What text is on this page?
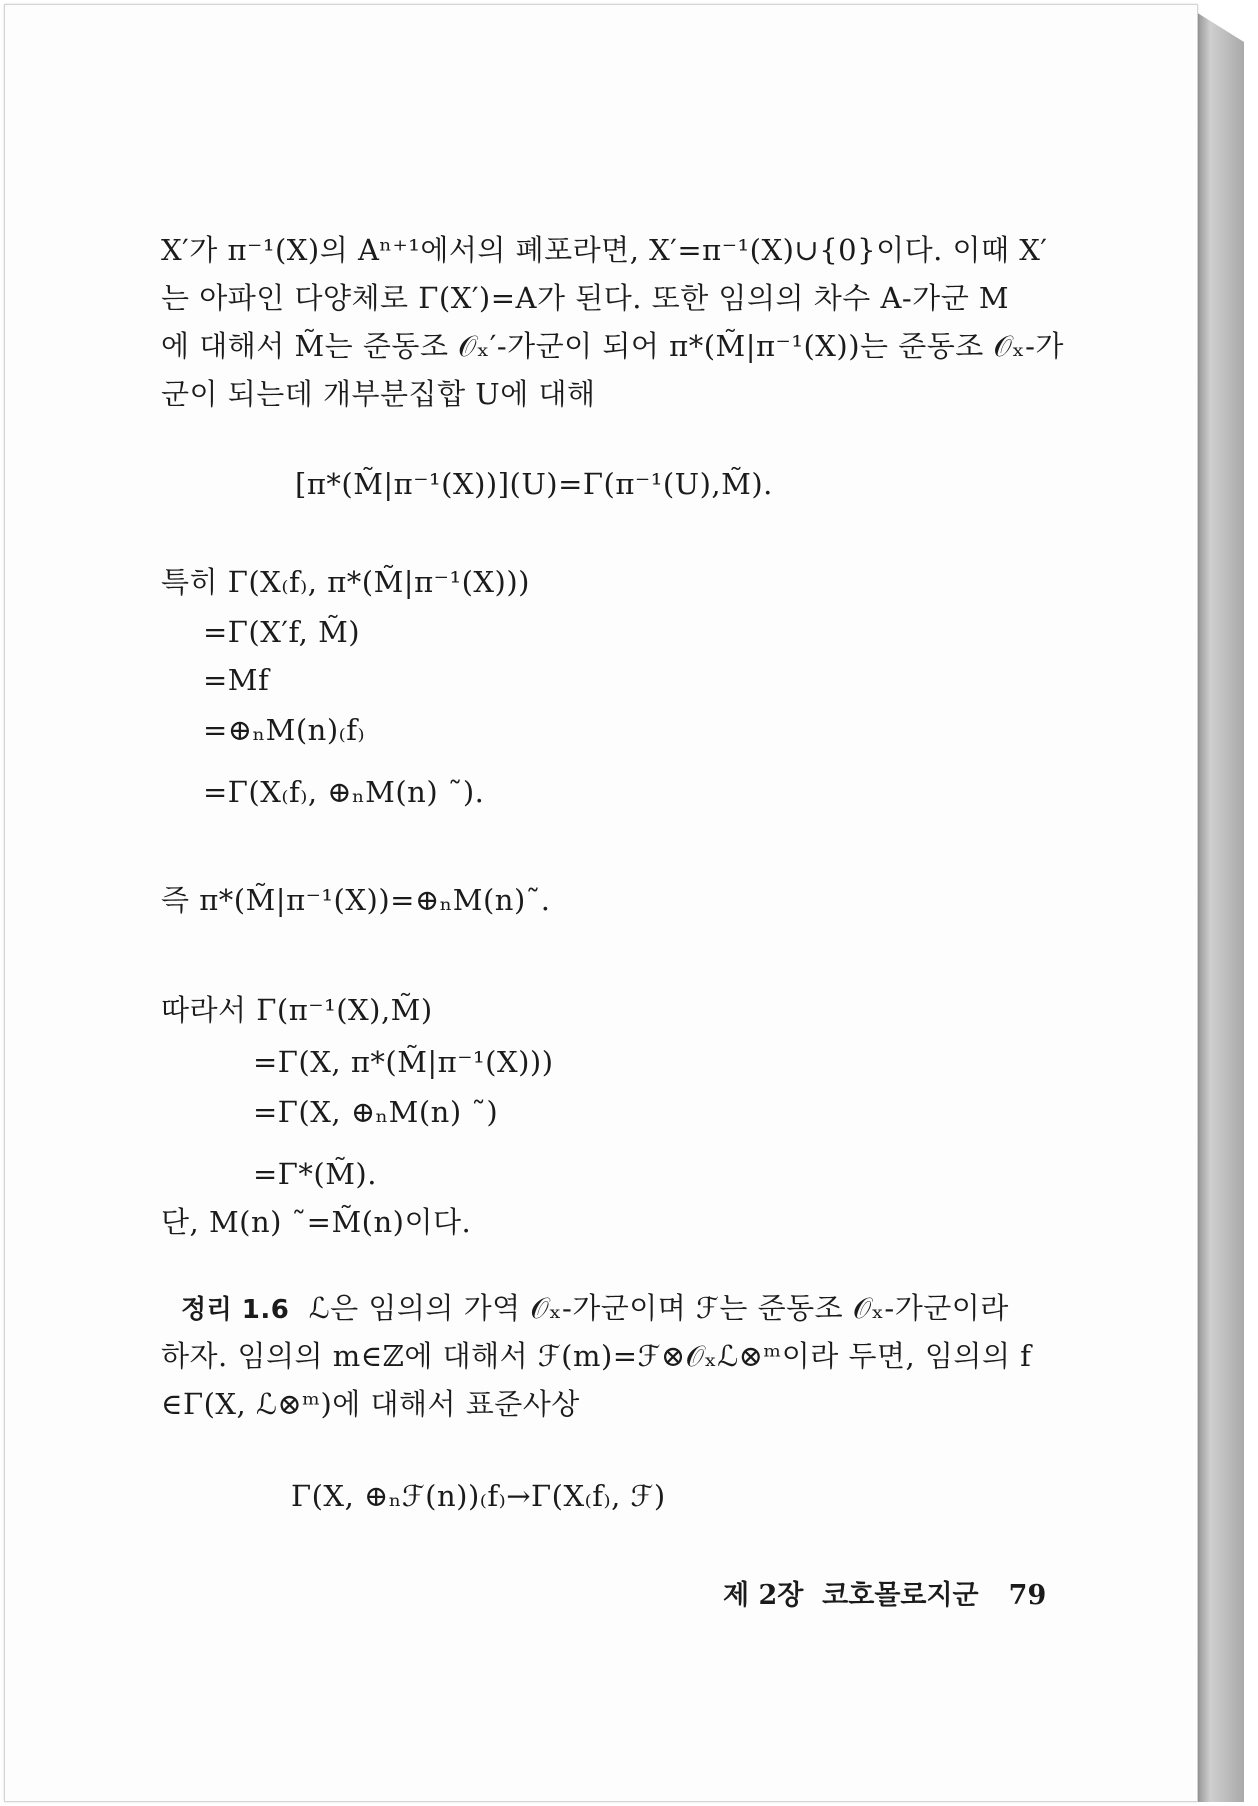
X′가 π⁻¹(X)의 Aⁿ⁺¹에서의 폐포라면, X′=π⁻¹(X)∪{0}이다. 이때 X′
는 아파인 다양체로 Γ(X′)=A가 된다. 또한 임의의 차수 A-가군 M
에 대해서 M̃는 준동조 𝒪ₓ′-가군이 되어 π*(M̃|π⁻¹(X))는 준동조 𝒪ₓ-가
군이 되는데 개부분집합 U에 대해
[π*(M̃|π⁻¹(X))](U)=Γ(π⁻¹(U),M̃).
특히 Γ(X₍f₎, π*(M̃|π⁻¹(X)))
=Γ(X′f, M̃)
=Mf
=⊕ₙM(n)₍f₎
=Γ(X₍f₎, ⊕ₙM(n) ˜).
즉 π*(M̃|π⁻¹(X))=⊕ₙM(n)˜.
따라서 Γ(π⁻¹(X),M̃)
=Γ(X, π*(M̃|π⁻¹(X)))
=Γ(X, ⊕ₙM(n) ˜)
=Γ*(M̃).
단, M(n) ˜=M̃(n)이다.
정리 1.6 ℒ은 임의의 가역 𝒪ₓ-가군이며 ℱ는 준동조 𝒪ₓ-가군이라
하자. 임의의 m∈ℤ에 대해서 ℱ(m)=ℱ⊗𝒪ₓℒ⊗ᵐ이라 두면, 임의의 f
∈Γ(X, ℒ⊗ᵐ)에 대해서 표준사상
Γ(X, ⊕ₙℱ(n))₍f₎→Γ(X₍f₎, ℱ)
제 2장  코호몰로지군 79
